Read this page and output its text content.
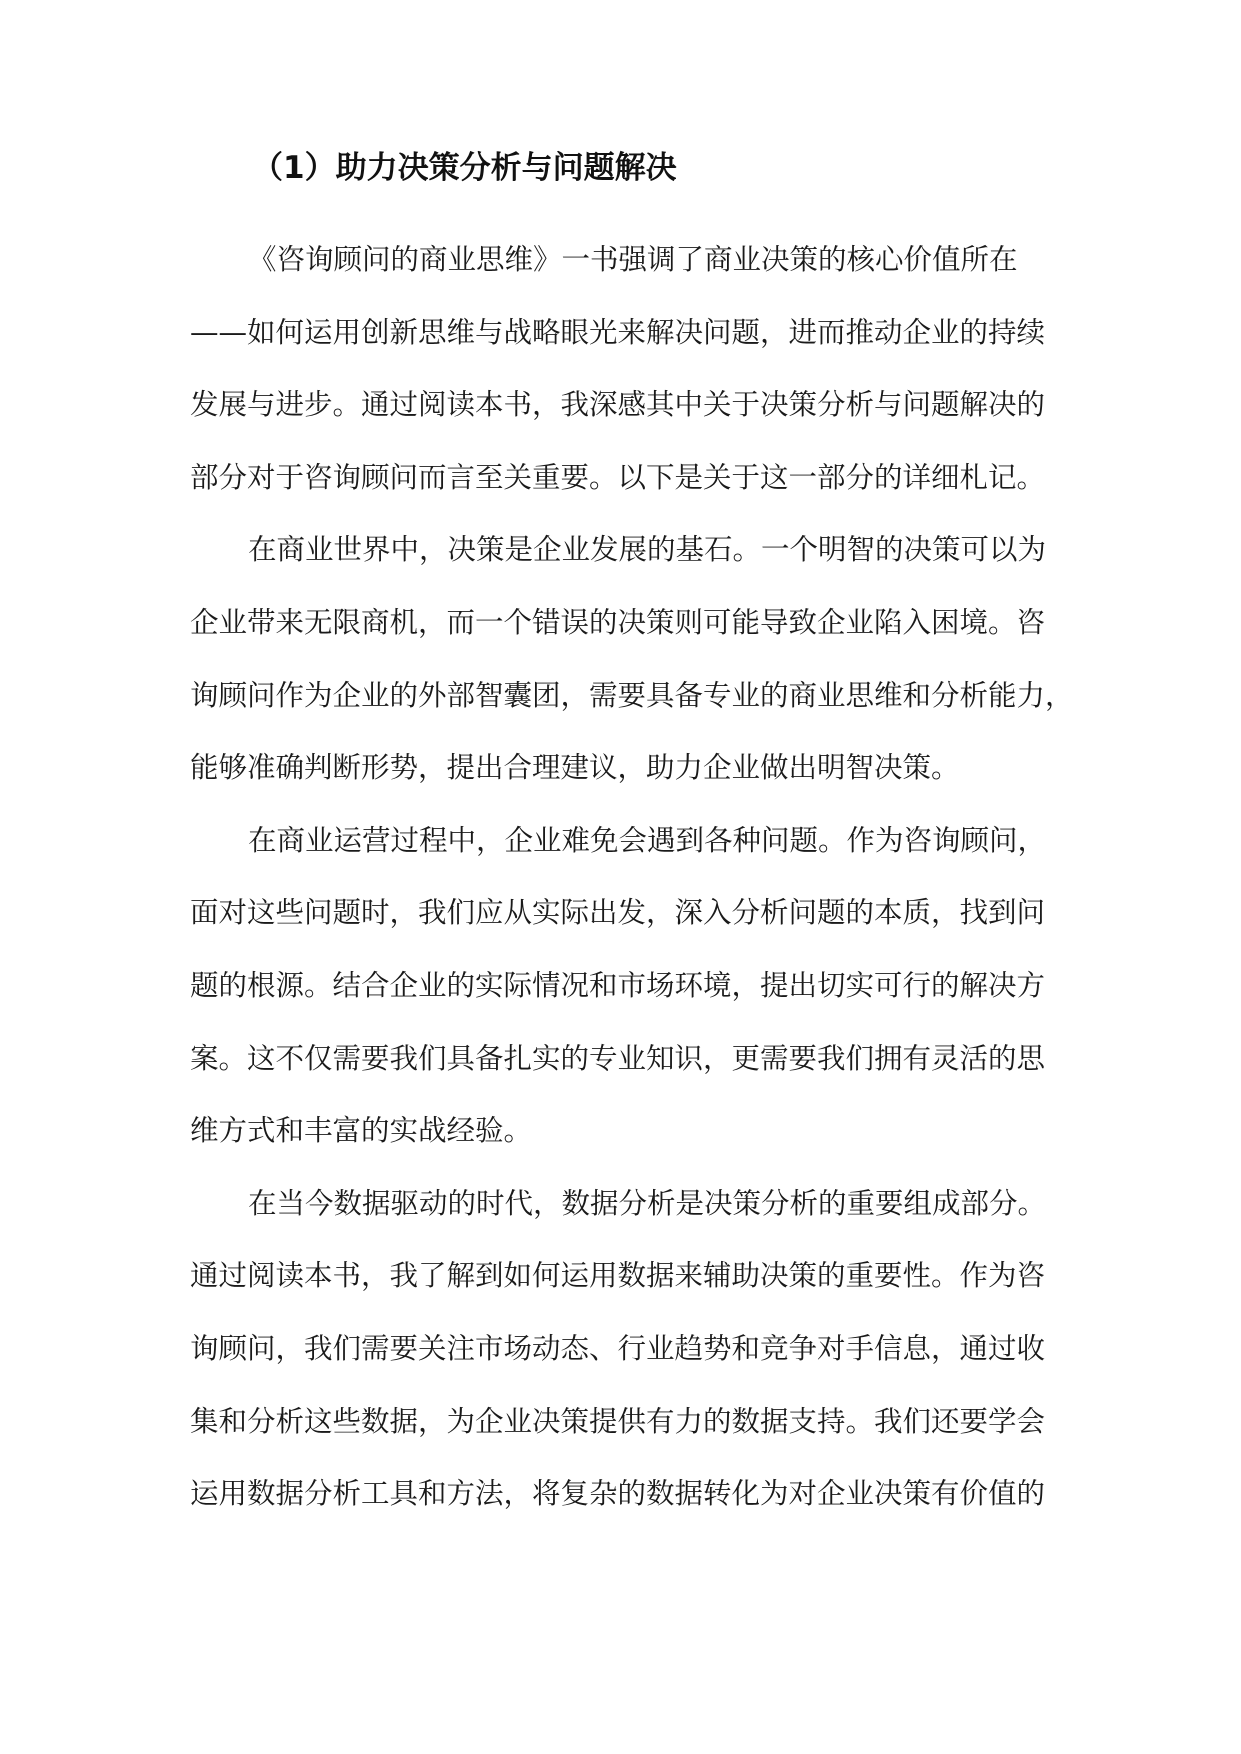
（1）助力决策分析与问题解决
《咨询顾问的商业思维》一书强调了商业决策的核心价值所在
——如何运用创新思维与战略眼光来解决问题，进而推动企业的持续
发展与进步。通过阅读本书，我深感其中关于决策分析与问题解决的
部分对于咨询顾问而言至关重要。以下是关于这一部分的详细札记。
在商业世界中，决策是企业发展的基石。一个明智的决策可以为
企业带来无限商机，而一个错误的决策则可能导致企业陷入困境。咨
询顾问作为企业的外部智囊团，需要具备专业的商业思维和分析能力，
能够准确判断形势，提出合理建议，助力企业做出明智决策。
在商业运营过程中，企业难免会遇到各种问题。作为咨询顾问，
面对这些问题时，我们应从实际出发，深入分析问题的本质，找到问
题的根源。结合企业的实际情况和市场环境，提出切实可行的解决方
案。这不仅需要我们具备扎实的专业知识，更需要我们拥有灵活的思
维方式和丰富的实战经验。
在当今数据驱动的时代，数据分析是决策分析的重要组成部分。
通过阅读本书，我了解到如何运用数据来辅助决策的重要性。作为咨
询顾问，我们需要关注市场动态、行业趋势和竞争对手信息，通过收
集和分析这些数据，为企业决策提供有力的数据支持。我们还要学会
运用数据分析工具和方法，将复杂的数据转化为对企业决策有价值的
